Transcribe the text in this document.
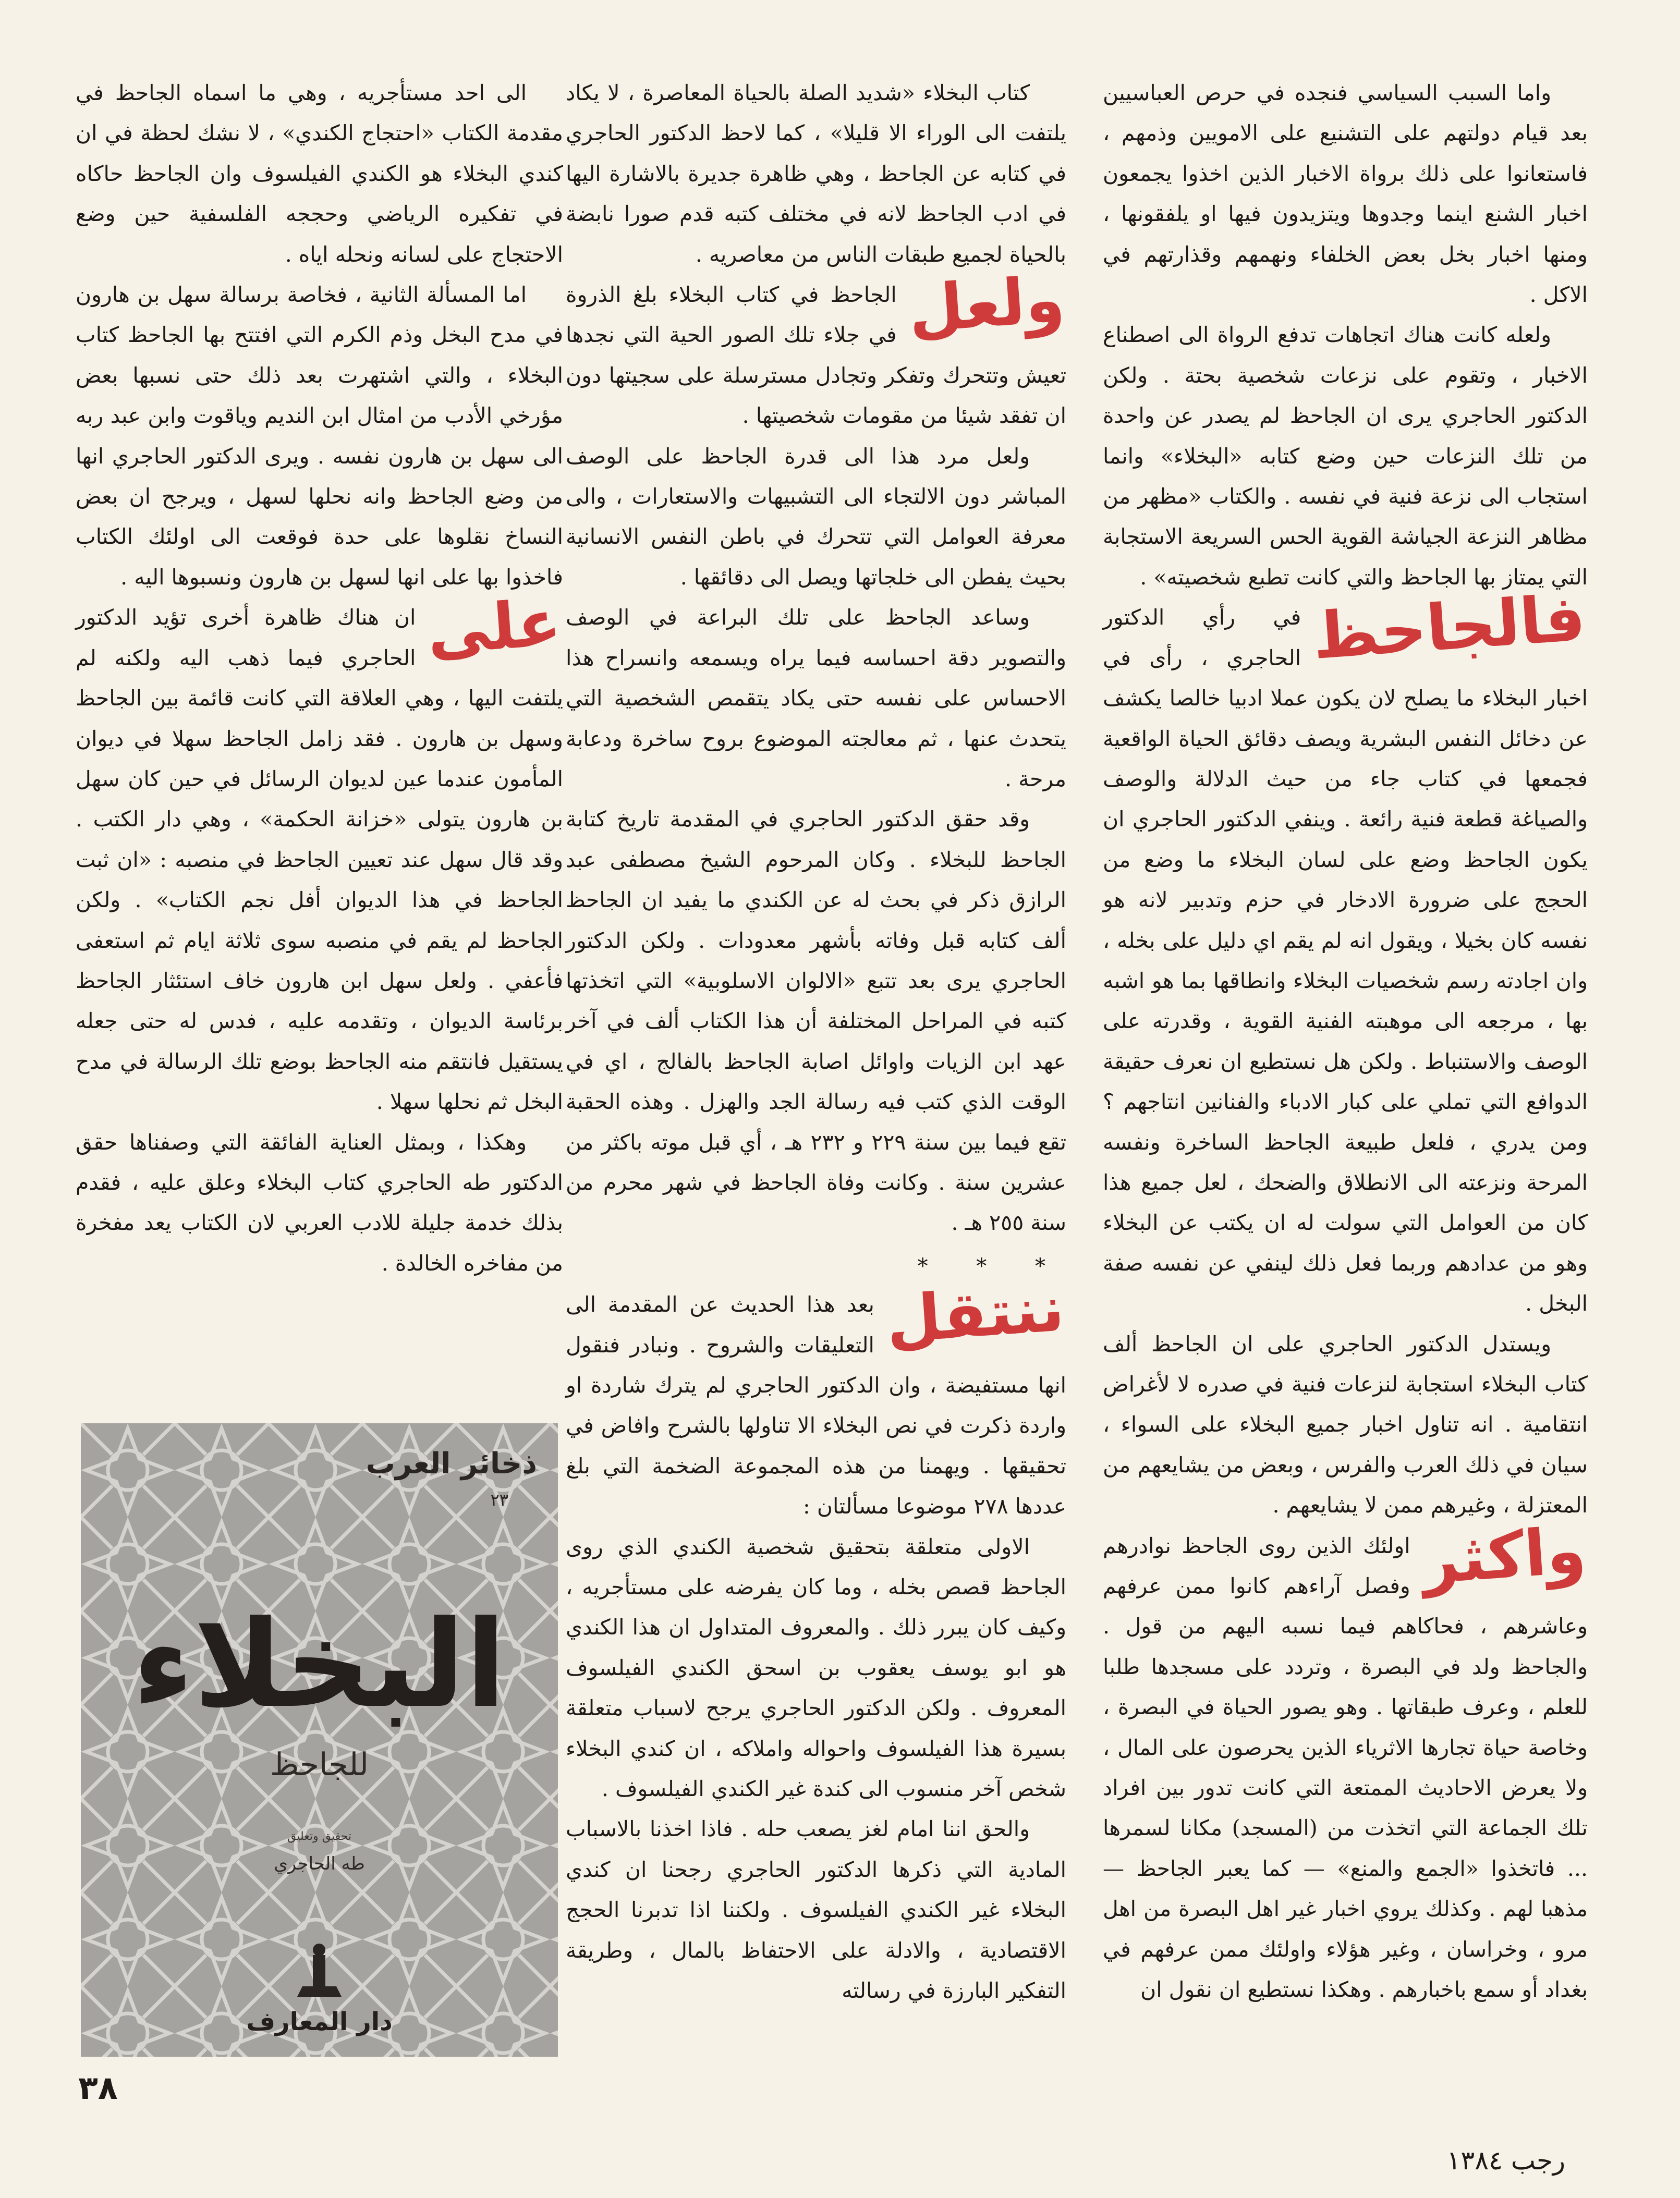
واما السبب السياسي فنجده في حرص العباسيين بعد قيام دولتهم على التشنيع على الامويين وذمهم ، فاستعانوا على ذلك برواة الاخبار الذين اخذوا يجمعون اخبار الشنع اينما وجدوها ويتزيدون فيها او يلفقونها ، ومنها اخبار بخل بعض الخلفاء ونهمهم وقذارتهم في الاكل .

ولعله كانت هناك اتجاهات تدفع الرواة الى اصطناع الاخبار ، وتقوم على نزعات شخصية بحتة . ولكن الدكتور الحاجري يرى ان الجاحظ لم يصدر عن واحدة من تلك النزعات حين وضع كتابه «البخلاء» وانما استجاب الى نزعة فنية في نفسه . والكتاب «مظهر من مظاهر النزعة الجياشة القوية الحس السريعة الاستجابة التي يمتاز بها الجاحظ والتي كانت تطبع شخصيته» .

فالجاحظ
في رأي الدكتور الحاجري ، رأى في اخبار البخلاء ما يصلح لان يكون عملا ادبيا خالصا يكشف عن دخائل النفس البشرية ويصف دقائق الحياة الواقعية فجمعها في كتاب جاء من حيث الدلالة والوصف والصياغة قطعة فنية رائعة . وينفي الدكتور الحاجري ان يكون الجاحظ وضع على لسان البخلاء ما وضع من الحجج على ضرورة الادخار في حزم وتدبير لانه هو نفسه كان بخيلا ، ويقول انه لم يقم اي دليل على بخله ، وان اجادته رسم شخصيات البخلاء وانطاقها بما هو اشبه بها ، مرجعه الى موهبته الفنية القوية ، وقدرته على الوصف والاستنباط . ولكن هل نستطيع ان نعرف حقيقة الدوافع التي تملي على كبار الادباء والفنانين انتاجهم ؟ ومن يدري ، فلعل طبيعة الجاحظ الساخرة ونفسه المرحة ونزعته الى الانطلاق والضحك ، لعل جميع هذا كان من العوامل التي سولت له ان يكتب عن البخلاء وهو من عدادهم وربما فعل ذلك لينفي عن نفسه صفة البخل .

ويستدل الدكتور الحاجري على ان الجاحظ ألف كتاب البخلاء استجابة لنزعات فنية في صدره لا لأغراض انتقامية . انه تناول اخبار جميع البخلاء على السواء ، سيان في ذلك العرب والفرس ، وبعض من يشايعهم من المعتزلة ، وغيرهم ممن لا يشايعهم .

واكثر
اولئك الذين روى الجاحظ نوادرهم وفصل آراءهم كانوا ممن عرفهم وعاشرهم ، فحاكاهم فيما نسبه اليهم من قول . والجاحظ ولد في البصرة ، وتردد على مسجدها طلبا للعلم ، وعرف طبقاتها . وهو يصور الحياة في البصرة ، وخاصة حياة تجارها الاثرياء الذين يحرصون على المال ، ولا يعرض الاحاديث الممتعة التي كانت تدور بين افراد تلك الجماعة التي اتخذت من (المسجد) مكانا لسمرها ... فاتخذوا «الجمع والمنع» — كما يعبر الجاحظ — مذهبا لهم . وكذلك يروي اخبار غير اهل البصرة من اهل مرو ، وخراسان ، وغير هؤلاء واولئك ممن عرفهم في بغداد أو سمع باخبارهم . وهكذا نستطيع ان نقول ان

كتاب البخلاء «شديد الصلة بالحياة المعاصرة ، لا يكاد يلتفت الى الوراء الا قليلا» ، كما لاحظ الدكتور الحاجري في كتابه عن الجاحظ ، وهي ظاهرة جديرة بالاشارة اليها في ادب الجاحظ لانه في مختلف كتبه قدم صورا نابضة بالحياة لجميع طبقات الناس من معاصريه .

ولعل
الجاحظ في كتاب البخلاء بلغ الذروة في جلاء تلك الصور الحية التي نجدها تعيش وتتحرك وتفكر وتجادل مسترسلة على سجيتها دون ان تفقد شيئا من مقومات شخصيتها .

ولعل مرد هذا الى قدرة الجاحظ على الوصف المباشر دون الالتجاء الى التشبيهات والاستعارات ، والى معرفة العوامل التي تتحرك في باطن النفس الانسانية بحيث يفطن الى خلجاتها ويصل الى دقائقها .

وساعد الجاحظ على تلك البراعة في الوصف والتصوير دقة احساسه فيما يراه ويسمعه وانسراح هذا الاحساس على نفسه حتى يكاد يتقمص الشخصية التي يتحدث عنها ، ثم معالجته الموضوع بروح ساخرة ودعابة مرحة .

وقد حقق الدكتور الحاجري في المقدمة تاريخ كتابة الجاحظ للبخلاء . وكان المرحوم الشيخ مصطفى عبد الرازق ذكر في بحث له عن الكندي ما يفيد ان الجاحظ ألف كتابه قبل وفاته بأشهر معدودات . ولكن الدكتور الحاجري يرى بعد تتبع «الالوان الاسلوبية» التي اتخذتها كتبه في المراحل المختلفة أن هذا الكتاب ألف في آخر عهد ابن الزيات واوائل اصابة الجاحظ بالفالج ، اي في الوقت الذي كتب فيه رسالة الجد والهزل . وهذه الحقبة تقع فيما بين سنة ٢٢٩ و ٢٣٢ هـ ، أي قبل موته باكثر من عشرين سنة . وكانت وفاة الجاحظ في شهر محرم من سنة ٢٥٥ هـ .

* * *

ننتقل
بعد هذا الحديث عن المقدمة الى التعليقات والشروح . ونبادر فنقول انها مستفيضة ، وان الدكتور الحاجري لم يترك شاردة او واردة ذكرت في نص البخلاء الا تناولها بالشرح وافاض في تحقيقها . ويهمنا من هذه المجموعة الضخمة التي بلغ عددها ٢٧٨ موضوعا مسألتان :

الاولى متعلقة بتحقيق شخصية الكندي الذي روى الجاحظ قصص بخله ، وما كان يفرضه على مستأجريه ، وكيف كان يبرر ذلك . والمعروف المتداول ان هذا الكندي هو ابو يوسف يعقوب بن اسحق الكندي الفيلسوف المعروف . ولكن الدكتور الحاجري يرجح لاسباب متعلقة بسيرة هذا الفيلسوف واحواله واملاكه ، ان كندي البخلاء شخص آخر منسوب الى كندة غير الكندي الفيلسوف .

والحق اننا امام لغز يصعب حله . فاذا اخذنا بالاسباب المادية التي ذكرها الدكتور الحاجري رجحنا ان كندي البخلاء غير الكندي الفيلسوف . ولكننا اذا تدبرنا الحجج الاقتصادية ، والادلة على الاحتفاظ بالمال ، وطريقة التفكير البارزة في رسالته

الى احد مستأجريه ، وهي ما اسماه الجاحظ في مقدمة الكتاب «احتجاج الكندي» ، لا نشك لحظة في ان كندي البخلاء هو الكندي الفيلسوف وان الجاحظ حاكاه في تفكيره الرياضي وحججه الفلسفية حين وضع الاحتجاج على لسانه ونحله اياه .

اما المسألة الثانية ، فخاصة برسالة سهل بن هارون في مدح البخل وذم الكرم التي افتتح بها الجاحظ كتاب البخلاء ، والتي اشتهرت بعد ذلك حتى نسبها بعض مؤرخي الأدب من امثال ابن النديم وياقوت وابن عبد ربه الى سهل بن هارون نفسه . ويرى الدكتور الحاجري انها من وضع الجاحظ وانه نحلها لسهل ، ويرجح ان بعض النساخ نقلوها على حدة فوقعت الى اولئك الكتاب فاخذوا بها على انها لسهل بن هارون ونسبوها اليه .

على
ان هناك ظاهرة أخرى تؤيد الدكتور الحاجري فيما ذهب اليه ولكنه لم يلتفت اليها ، وهي العلاقة التي كانت قائمة بين الجاحظ وسهل بن هارون . فقد زامل الجاحظ سهلا في ديوان المأمون عندما عين لديوان الرسائل في حين كان سهل بن هارون يتولى «خزانة الحكمة» ، وهي دار الكتب . وقد قال سهل عند تعيين الجاحظ في منصبه : «ان ثبت الجاحظ في هذا الديوان أفل نجم الكتاب» . ولكن الجاحظ لم يقم في منصبه سوى ثلاثة ايام ثم استعفى فأعفي . ولعل سهل ابن هارون خاف استئثار الجاحظ برئاسة الديوان ، وتقدمه عليه ، فدس له حتى جعله يستقيل فانتقم منه الجاحظ بوضع تلك الرسالة في مدح البخل ثم نحلها سهلا .

وهكذا ، وبمثل العناية الفائقة التي وصفناها حقق الدكتور طه الحاجري كتاب البخلاء وعلق عليه ، فقدم بذلك خدمة جليلة للادب العربي لان الكتاب يعد مفخرة من مفاخره الخالدة .

ذخائر العرب
٢٣
البخلاء
للجاحظ
تحقيق وتعليق
طه الحاجري
دار المعارف
٣٨
رجب ١٣٨٤
